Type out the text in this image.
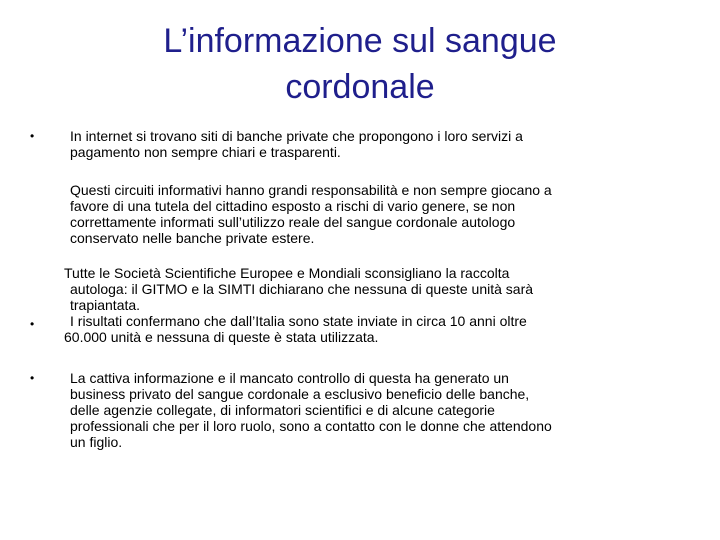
L’informazione sul sangue
cordonale
•	In internet si trovano siti di banche private che propongono i loro servizi a
pagamento non sempre chiari e trasparenti.

Questi circuiti informativi hanno grandi responsabilità e non sempre giocano a
favore di una tutela del cittadino esposto a rischi di vario genere, se non
correttamente informati sull’utilizzo reale del sangue cordonale autologo
conservato nelle banche private estere.

•

Tutte le Società Scientifiche Europee e Mondiali sconsigliano la raccolta
autologa: il GITMO e la SIMTI dichiarano che nessuna di queste unità sarà
trapiantata.
I risultati confermano che dall’Italia sono state inviate in circa 10 anni oltre
60.000 unità e nessuna di queste è stata utilizzata.

•	La cattiva informazione e il mancato controllo di questa ha generato un
business privato del sangue cordonale a esclusivo beneficio delle banche,
delle agenzie collegate, di informatori scientifici e di alcune categorie
professionali che per il loro ruolo, sono a contatto con le donne che attendono
un figlio.
